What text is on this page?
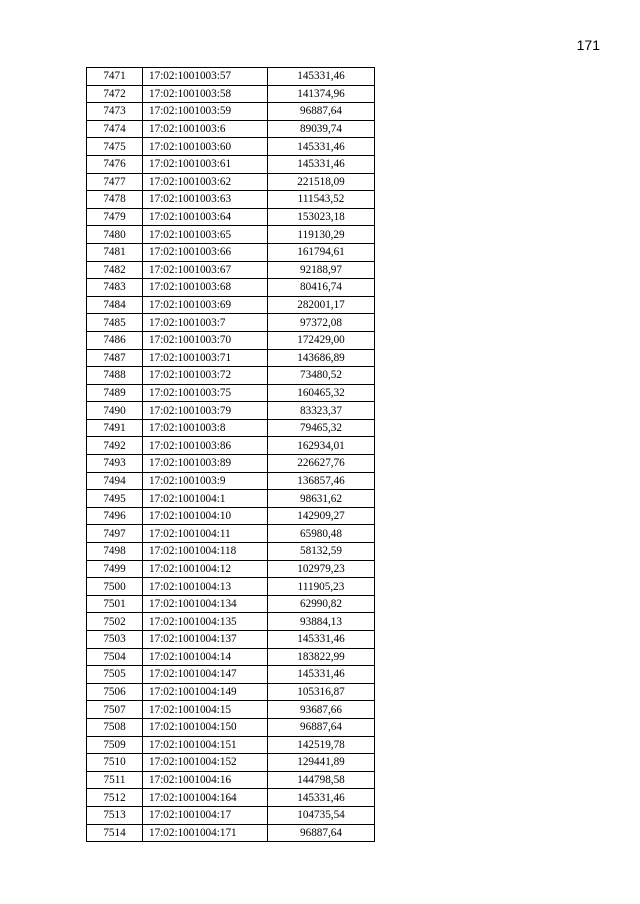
171
7471	17:02:1001003:57	145331,46
7472	17:02:1001003:58	141374,96
7473	17:02:1001003:59	96887,64
7474	17:02:1001003:6	89039,74
7475	17:02:1001003:60	145331,46
7476	17:02:1001003:61	145331,46
7477	17:02:1001003:62	221518,09
7478	17:02:1001003:63	111543,52
7479	17:02:1001003:64	153023,18
7480	17:02:1001003:65	119130,29
7481	17:02:1001003:66	161794,61
7482	17:02:1001003:67	92188,97
7483	17:02:1001003:68	80416,74
7484	17:02:1001003:69	282001,17
7485	17:02:1001003:7	97372,08
7486	17:02:1001003:70	172429,00
7487	17:02:1001003:71	143686,89
7488	17:02:1001003:72	73480,52
7489	17:02:1001003:75	160465,32
7490	17:02:1001003:79	83323,37
7491	17:02:1001003:8	79465,32
7492	17:02:1001003:86	162934,01
7493	17:02:1001003:89	226627,76
7494	17:02:1001003:9	136857,46
7495	17:02:1001004:1	98631,62
7496	17:02:1001004:10	142909,27
7497	17:02:1001004:11	65980,48
7498	17:02:1001004:118	58132,59
7499	17:02:1001004:12	102979,23
7500	17:02:1001004:13	111905,23
7501	17:02:1001004:134	62990,82
7502	17:02:1001004:135	93884,13
7503	17:02:1001004:137	145331,46
7504	17:02:1001004:14	183822,99
7505	17:02:1001004:147	145331,46
7506	17:02:1001004:149	105316,87
7507	17:02:1001004:15	93687,66
7508	17:02:1001004:150	96887,64
7509	17:02:1001004:151	142519,78
7510	17:02:1001004:152	129441,89
7511	17:02:1001004:16	144798,58
7512	17:02:1001004:164	145331,46
7513	17:02:1001004:17	104735,54
7514	17:02:1001004:171	96887,64
